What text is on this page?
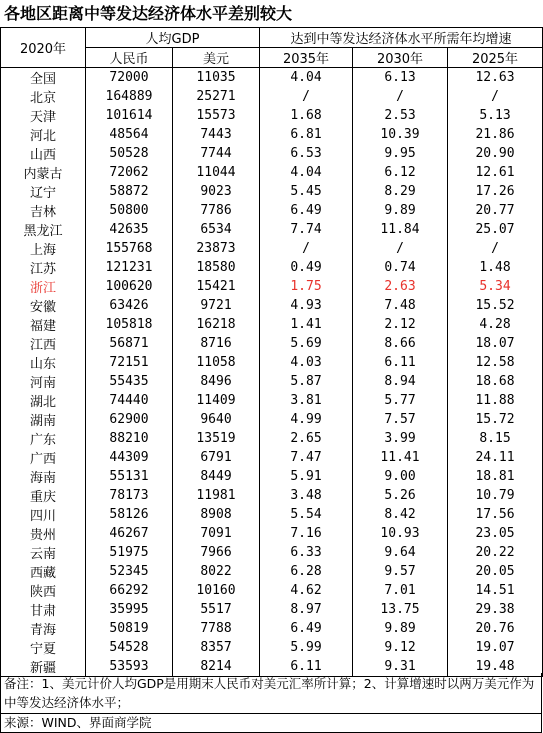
各地区距离中等发达经济体水平差别较大
2020年	人均GDP		达到中等发达经济体水平所需年均增速		
	人民币	美元	2035年	2030年	2025年
全国	72000	11035	4.04	6.13	12.63
北京	164889	25271	/	/	/
天津	101614	15573	1.68	2.53	5.13
河北	48564	7443	6.81	10.39	21.86
山西	50528	7744	6.53	9.95	20.90
内蒙古	72062	11044	4.04	6.12	12.61
辽宁	58872	9023	5.45	8.29	17.26
吉林	50800	7786	6.49	9.89	20.77
黑龙江	42635	6534	7.74	11.84	25.07
上海	155768	23873	/	/	/
江苏	121231	18580	0.49	0.74	1.48
浙江	100620	15421	1.75	2.63	5.34
安徽	63426	9721	4.93	7.48	15.52
福建	105818	16218	1.41	2.12	4.28
江西	56871	8716	5.69	8.66	18.07
山东	72151	11058	4.03	6.11	12.58
河南	55435	8496	5.87	8.94	18.68
湖北	74440	11409	3.81	5.77	11.88
湖南	62900	9640	4.99	7.57	15.72
广东	88210	13519	2.65	3.99	8.15
广西	44309	6791	7.47	11.41	24.11
海南	55131	8449	5.91	9.00	18.81
重庆	78173	11981	3.48	5.26	10.79
四川	58126	8908	5.54	8.42	17.56
贵州	46267	7091	7.16	10.93	23.05
云南	51975	7966	6.33	9.64	20.22
西藏	52345	8022	6.28	9.57	20.05
陕西	66292	10160	4.62	7.01	14.51
甘肃	35995	5517	8.97	13.75	29.38
青海	50819	7788	6.49	9.89	20.76
宁夏	54528	8357	5.99	9.12	19.07
新疆	53593	8214	6.11	9.31	19.48
备注：1、美元计价人均GDP是用期末人民币对美元汇率所计算；2、计算增速时以两万美元作为中等发达经济体水平；
来源：WIND、界面商学院
